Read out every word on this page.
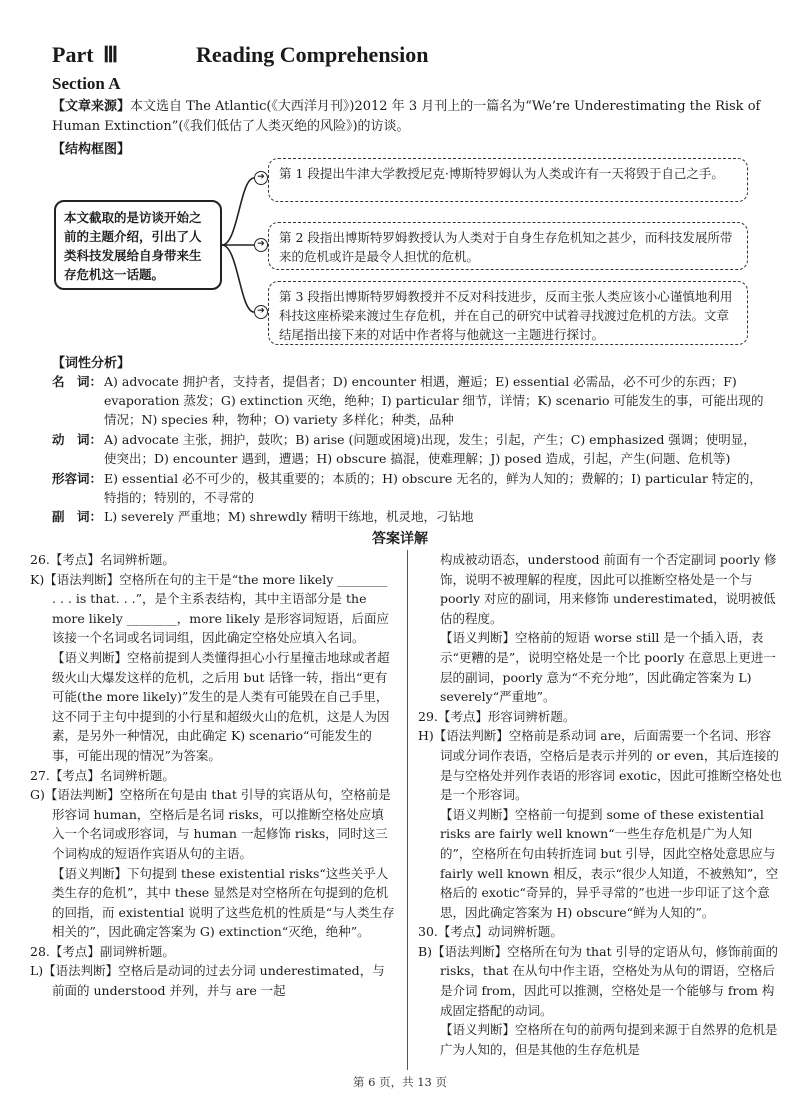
Part Ⅲ	Reading Comprehension
Section A
【文章来源】本文选自 The Atlantic(《大西洋月刊》)2012 年 3 月刊上的一篇名为“We’re Underestimating the Risk of Human Extinction”(《我们低估了人类灭绝的风险》)的访谈。
【结构框图】
本文截取的是访谈开始之前的主题介绍，引出了人类科技发展给自身带来生存危机这一话题。
➔
➔
➔
第 1 段提出牛津大学教授尼克·博斯特罗姆认为人类或许有一天将毁于自己之手。
第 2 段指出博斯特罗姆教授认为人类对于自身生存危机知之甚少，而科技发展所带来的危机或许是最令人担忧的危机。
第 3 段指出博斯特罗姆教授并不反对科技进步，反而主张人类应该小心谨慎地利用科技这座桥梁来渡过生存危机，并在自己的研究中试着寻找渡过危机的方法。文章结尾指出接下来的对话中作者将与他就这一主题进行探讨。
【词性分析】
名　词： A) advocate 拥护者，支持者，提倡者；D) encounter 相遇，邂逅；E) essential 必需品，必不可少的东西；F) evaporation 蒸发；G) extinction 灭绝，绝种；I) particular 细节，详情；K) scenario 可能发生的事，可能出现的情况；N) species 种，物种；O) variety 多样化；种类，品种
动　词： A) advocate 主张，拥护，鼓吹；B) arise (问题或困境)出现，发生；引起，产生；C) emphasized 强调；使明显，使突出；D) encounter 遇到，遭遇；H) obscure 搞混，使难理解；J) posed 造成，引起，产生(问题、危机等)
形容词： E) essential 必不可少的，极其重要的；本质的；H) obscure 无名的，鲜为人知的；费解的；I) particular 特定的，特指的；特别的，不寻常的
副　词： L) severely 严重地；M) shrewdly 精明干练地，机灵地，刁钻地
答案详解

26.【考点】名词辨析题。

K)【语法判断】空格所在句的主干是“the more likely ________ . . . is that. . .”，是个主系表结构，其中主语部分是 the more likely ________，more likely 是形容词短语，后面应该接一个名词或名词词组，因此确定空格处应填入名词。

【语义判断】空格前提到人类懂得担心小行星撞击地球或者超级火山大爆发这样的危机，之后用 but 话锋一转，指出“更有可能(the more likely)”发生的是人类有可能毁在自己手里，这不同于主句中提到的小行星和超级火山的危机，这是人为因素，是另外一种情况，由此确定 K) scenario“可能发生的事，可能出现的情况”为答案。

27.【考点】名词辨析题。

G)【语法判断】空格所在句是由 that 引导的宾语从句，空格前是形容词 human，空格后是名词 risks，可以推断空格处应填入一个名词或形容词，与 human 一起修饰 risks，同时这三个词构成的短语作宾语从句的主语。

【语义判断】下句提到 these existential risks“这些关乎人类生存的危机”，其中 these 显然是对空格所在句提到的危机的回指，而 existential 说明了这些危机的性质是“与人类生存相关的”，因此确定答案为 G) extinction“灭绝，绝种”。

28.【考点】副词辨析题。

L)【语法判断】空格后是动词的过去分词 underestimated，与前面的 understood 并列，并与 are 一起

构成被动语态，understood 前面有一个否定副词 poorly 修饰，说明不被理解的程度，因此可以推断空格处是一个与 poorly 对应的副词，用来修饰 underestimated，说明被低估的程度。

【语义判断】空格前的短语 worse still 是一个插入语，表示“更糟的是”，说明空格处是一个比 poorly 在意思上更进一层的副词，poorly 意为“不充分地”，因此确定答案为 L) severely“严重地”。

29.【考点】形容词辨析题。

H)【语法判断】空格前是系动词 are，后面需要一个名词、形容词或分词作表语，空格后是表示并列的 or even，其后连接的是与空格处并列作表语的形容词 exotic，因此可推断空格处也是一个形容词。

【语义判断】空格前一句提到 some of these existential risks are fairly well known“一些生存危机是广为人知的”，空格所在句由转折连词 but 引导，因此空格处意思应与 fairly well known 相反，表示“很少人知道，不被熟知”，空格后的 exotic“奇异的，异乎寻常的”也进一步印证了这个意思，因此确定答案为 H) obscure“鲜为人知的”。

30.【考点】动词辨析题。

B)【语法判断】空格所在句为 that 引导的定语从句，修饰前面的 risks，that 在从句中作主语，空格处为从句的谓语，空格后是介词 from，因此可以推测，空格处是一个能够与 from 构成固定搭配的动词。

【语义判断】空格所在句的前两句提到来源于自然界的危机是广为人知的，但是其他的生存危机是

第 6 页，共 13 页
